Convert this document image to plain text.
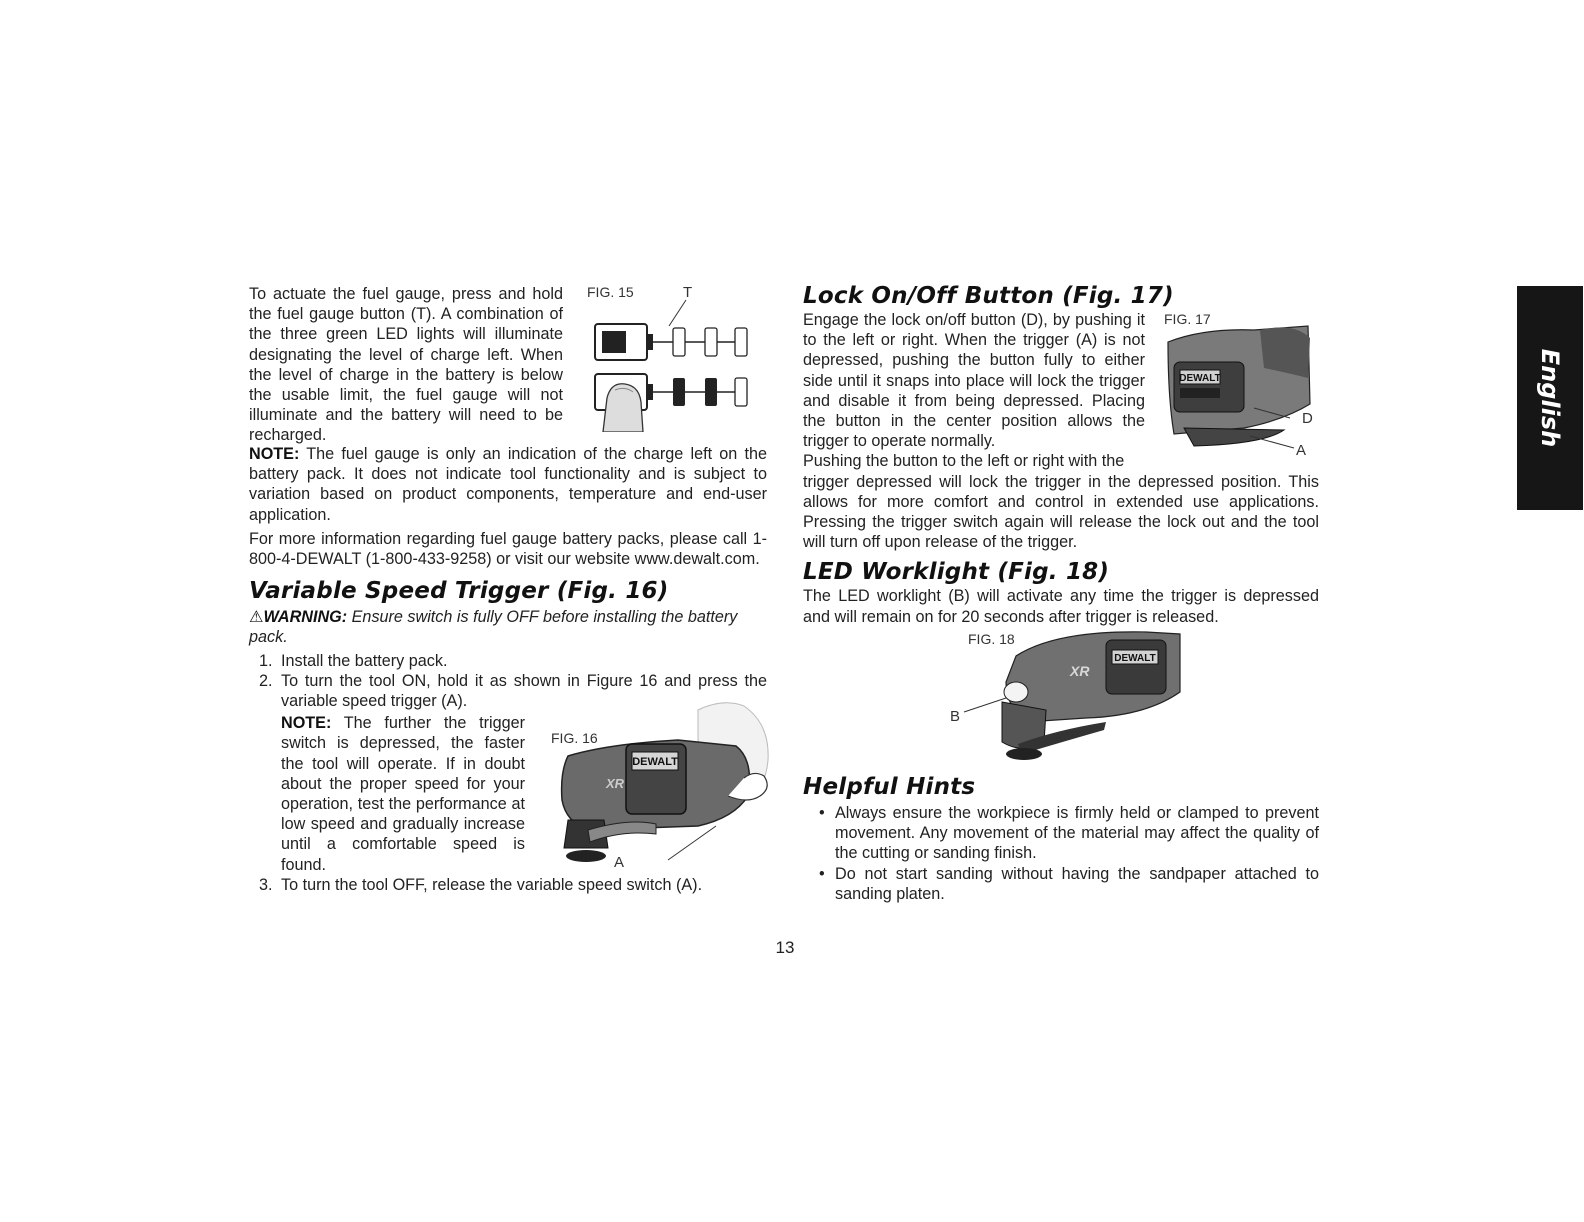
English

To actuate the fuel gauge, press and hold the fuel gauge button (T). A combination of the three green LED lights will illuminate designating the level of charge left. When the level of charge in the battery is below the usable limit, the fuel gauge will not illuminate and the battery will need to be recharged.

FIG. 15	T

NOTE: The fuel gauge is only an indication of the charge left on the battery pack. It does not indicate tool functionality and is subject to variation based on product components, temperature and end-user application.

For more information regarding fuel gauge battery packs, please call 1-800-4-DEWALT (1-800-433-9258) or visit our website www.dewalt.com.

Variable Speed Trigger (Fig. 16)

⚠WARNING: Ensure switch is fully OFF before installing the battery pack.

1. Install the battery pack.
2. To turn the tool ON, hold it as shown in Figure 16 and press the variable speed trigger (A).
NOTE: The further the trigger switch is depressed, the faster the tool will operate. If in doubt about the proper speed for your operation, test the performance at low speed and gradually increase until a comfortable speed is found.
3. To turn the tool OFF, release the variable speed switch (A).
FIG. 16
DEWALT
XR
A
Lock On/Off Button (Fig. 17)

Engage the lock on/off button (D), by pushing it to the left or right. When the trigger (A) is not depressed, pushing the button fully to either side until it snaps into place will lock the trigger and disable it from being depressed. Placing the button in the center position allows the trigger to operate normally.

Pushing the button to the left or right with the

trigger depressed will lock the trigger in the depressed position. This allows for more comfort and control in extended use applications. Pressing the trigger switch again will release the lock out and the tool will turn off upon release of the trigger.

LED Worklight (Fig. 18)

The LED worklight (B) will activate any time the trigger is depressed and will remain on for 20 seconds after trigger is released.

FIG. 17
DEWALT
D
A
FIG. 18
DEWALT
XR
B
Helpful Hints
• Always ensure the workpiece is firmly held or clamped to prevent movement. Any movement of the material may affect the quality of the cutting or sanding finish.
• Do not start sanding without having the sandpaper attached to sanding platen.
13
